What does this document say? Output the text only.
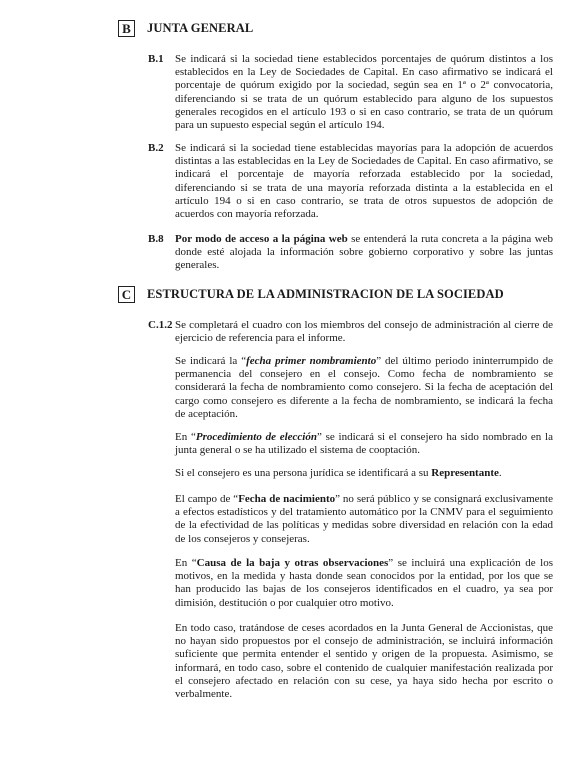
B	JUNTA GENERAL
B.1	Se indicará si la sociedad tiene establecidos porcentajes de quórum distintos a los establecidos en la Ley de Sociedades de Capital. En caso afirmativo se indicará el porcentaje de quórum exigido por la sociedad, según sea en 1ª o 2ª convocatoria, diferenciando si se trata de un quórum establecido para alguno de los supuestos generales recogidos en el artículo 193 o si en caso contrario, se trata de un quórum para un supuesto especial según el artículo 194.
B.2	Se indicará si la sociedad tiene establecidas mayorías para la adopción de acuerdos distintas a las establecidas en la Ley de Sociedades de Capital. En caso afirmativo, se indicará el porcentaje de mayoría reforzada establecido por la sociedad, diferenciando si se trata de una mayoría reforzada distinta a la establecida en el artículo 194 o si en caso contrario, se trata de otros supuestos de adopción de acuerdos con mayoría reforzada.
B.8	Por modo de acceso a la página web se entenderá la ruta concreta a la página web donde esté alojada la información sobre gobierno corporativo y sobre las juntas generales.
C	ESTRUCTURA DE LA ADMINISTRACION DE LA SOCIEDAD
C.1.2 Se completará el cuadro con los miembros del consejo de administración al cierre de ejercicio de referencia para el informe.
Se indicará la “fecha primer nombramiento” del último periodo ininterrumpido de permanencia del consejero en el consejo. Como fecha de nombramiento se considerará la fecha de nombramiento como consejero. Si la fecha de aceptación del cargo como consejero es diferente a la fecha de nombramiento, se indicará la fecha de aceptación.
En “Procedimiento de elección” se indicará si el consejero ha sido nombrado en la junta general o se ha utilizado el sistema de cooptación.
Si el consejero es una persona jurídica se identificará a su Representante.
El campo de “Fecha de nacimiento” no será público y se consignará exclusivamente a efectos estadísticos y del tratamiento automático por la CNMV para el seguimiento de la efectividad de las políticas y medidas sobre diversidad en relación con la edad de los consejeros y consejeras.
En “Causa de la baja y otras observaciones” se incluirá una explicación de los motivos, en la medida y hasta donde sean conocidos por la entidad, por los que se han producido las bajas de los consejeros identificados en el cuadro, ya sea por dimisión, destitución o por cualquier otro motivo.
En todo caso, tratándose de ceses acordados en la Junta General de Accionistas, que no hayan sido propuestos por el consejo de administración, se incluirá información suficiente que permita entender el sentido y origen de la propuesta. Asimismo, se informará, en todo caso, sobre el contenido de cualquier manifestación realizada por el consejero afectado en relación con su cese, ya haya sido hecha por escrito o verbalmente.
